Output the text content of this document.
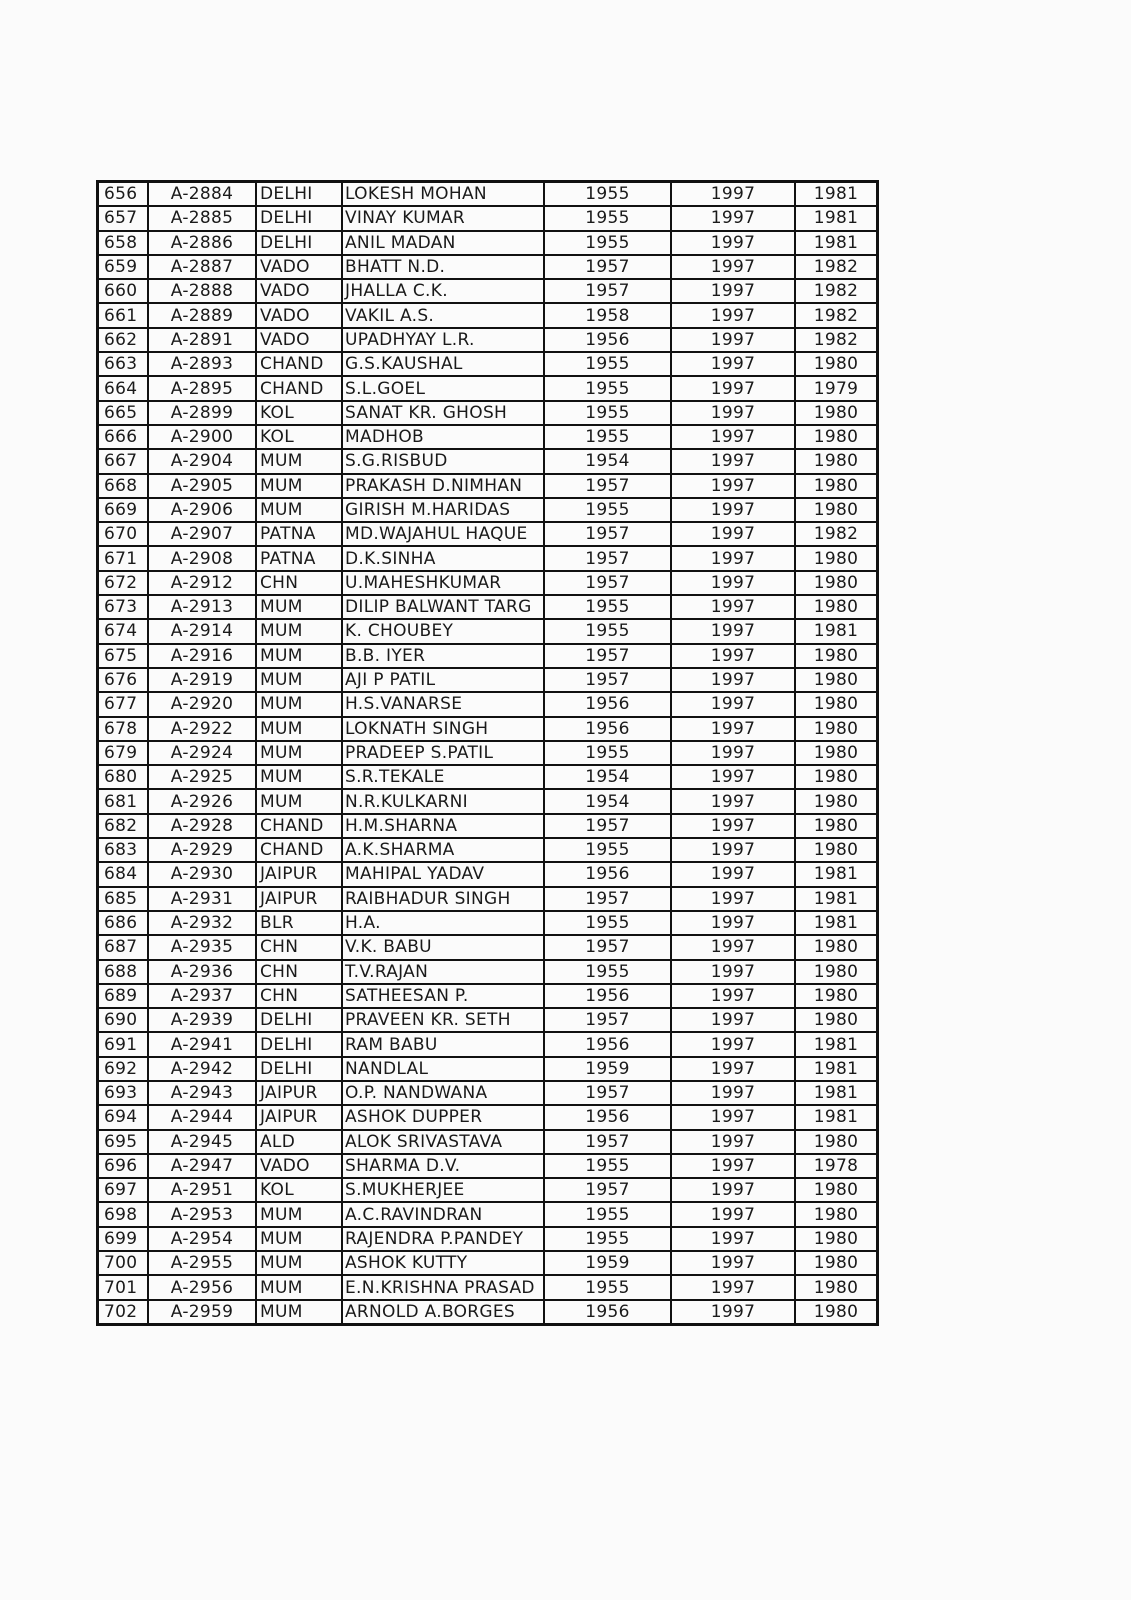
656	A-2884	DELHI	LOKESH MOHAN	1955	1997	1981
657	A-2885	DELHI	VINAY KUMAR	1955	1997	1981
658	A-2886	DELHI	ANIL MADAN	1955	1997	1981
659	A-2887	VADO	BHATT N.D.	1957	1997	1982
660	A-2888	VADO	JHALLA C.K.	1957	1997	1982
661	A-2889	VADO	VAKIL A.S.	1958	1997	1982
662	A-2891	VADO	UPADHYAY L.R.	1956	1997	1982
663	A-2893	CHAND	G.S.KAUSHAL	1955	1997	1980
664	A-2895	CHAND	S.L.GOEL	1955	1997	1979
665	A-2899	KOL	SANAT KR. GHOSH	1955	1997	1980
666	A-2900	KOL	MADHOB	1955	1997	1980
667	A-2904	MUM	S.G.RISBUD	1954	1997	1980
668	A-2905	MUM	PRAKASH D.NIMHAN	1957	1997	1980
669	A-2906	MUM	GIRISH M.HARIDAS	1955	1997	1980
670	A-2907	PATNA	MD.WAJAHUL HAQUE	1957	1997	1982
671	A-2908	PATNA	D.K.SINHA	1957	1997	1980
672	A-2912	CHN	U.MAHESHKUMAR	1957	1997	1980
673	A-2913	MUM	DILIP BALWANT TARG	1955	1997	1980
674	A-2914	MUM	K. CHOUBEY	1955	1997	1981
675	A-2916	MUM	B.B. IYER	1957	1997	1980
676	A-2919	MUM	AJI P PATIL	1957	1997	1980
677	A-2920	MUM	H.S.VANARSE	1956	1997	1980
678	A-2922	MUM	LOKNATH SINGH	1956	1997	1980
679	A-2924	MUM	PRADEEP S.PATIL	1955	1997	1980
680	A-2925	MUM	S.R.TEKALE	1954	1997	1980
681	A-2926	MUM	N.R.KULKARNI	1954	1997	1980
682	A-2928	CHAND	H.M.SHARNA	1957	1997	1980
683	A-2929	CHAND	A.K.SHARMA	1955	1997	1980
684	A-2930	JAIPUR	MAHIPAL YADAV	1956	1997	1981
685	A-2931	JAIPUR	RAIBHADUR SINGH	1957	1997	1981
686	A-2932	BLR	H.A.	1955	1997	1981
687	A-2935	CHN	V.K. BABU	1957	1997	1980
688	A-2936	CHN	T.V.RAJAN	1955	1997	1980
689	A-2937	CHN	SATHEESAN P.	1956	1997	1980
690	A-2939	DELHI	PRAVEEN KR. SETH	1957	1997	1980
691	A-2941	DELHI	RAM BABU	1956	1997	1981
692	A-2942	DELHI	NANDLAL	1959	1997	1981
693	A-2943	JAIPUR	O.P. NANDWANA	1957	1997	1981
694	A-2944	JAIPUR	ASHOK DUPPER	1956	1997	1981
695	A-2945	ALD	ALOK SRIVASTAVA	1957	1997	1980
696	A-2947	VADO	SHARMA D.V.	1955	1997	1978
697	A-2951	KOL	S.MUKHERJEE	1957	1997	1980
698	A-2953	MUM	A.C.RAVINDRAN	1955	1997	1980
699	A-2954	MUM	RAJENDRA P.PANDEY	1955	1997	1980
700	A-2955	MUM	ASHOK KUTTY	1959	1997	1980
701	A-2956	MUM	E.N.KRISHNA PRASAD	1955	1997	1980
702	A-2959	MUM	ARNOLD A.BORGES	1956	1997	1980
